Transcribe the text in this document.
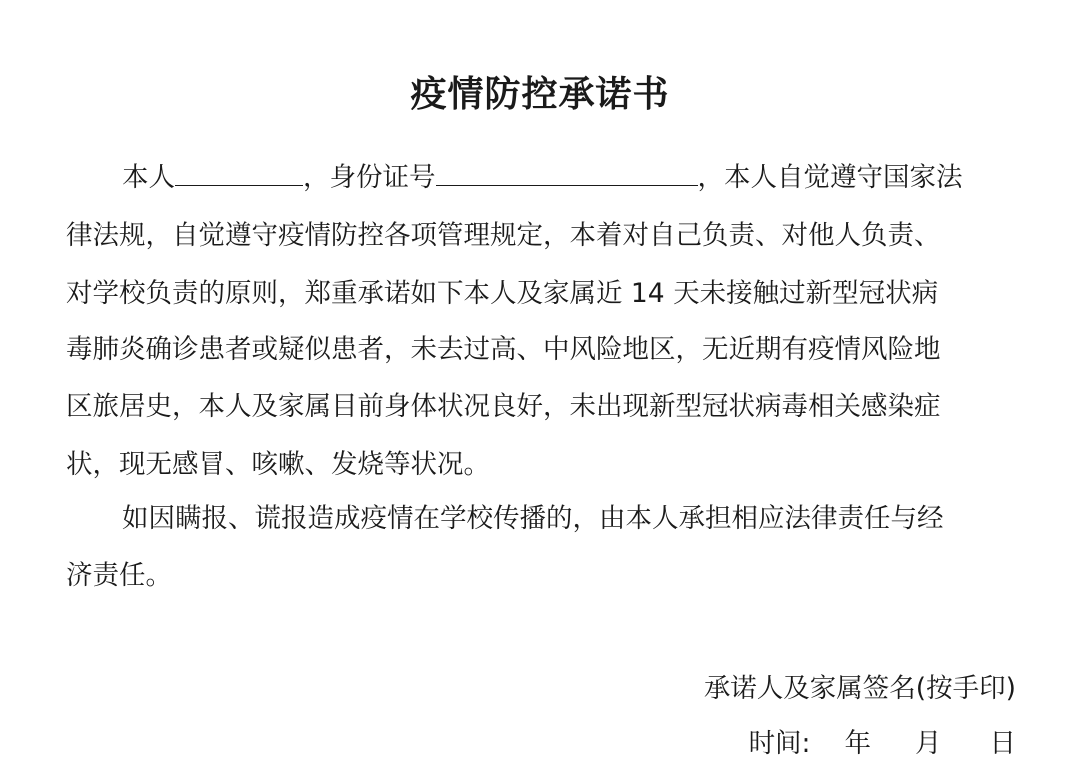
疫情防控承诺书
本人	，身份证号	，本人自觉遵守国家法
律法规，自觉遵守疫情防控各项管理规定，本着对自己负责、对他人负责、
对学校负责的原则，郑重承诺如下本人及家属近 14 天未接触过新型冠状病
毒肺炎确诊患者或疑似患者，未去过高、中风险地区，无近期有疫情风险地
区旅居史，本人及家属目前身体状况良好，未出现新型冠状病毒相关感染症
状，现无感冒、咳嗽、发烧等状况。
如因瞒报、谎报造成疫情在学校传播的，由本人承担相应法律责任与经
济责任。
承诺人及家属签名(按手印)
时间: 年 月 日
